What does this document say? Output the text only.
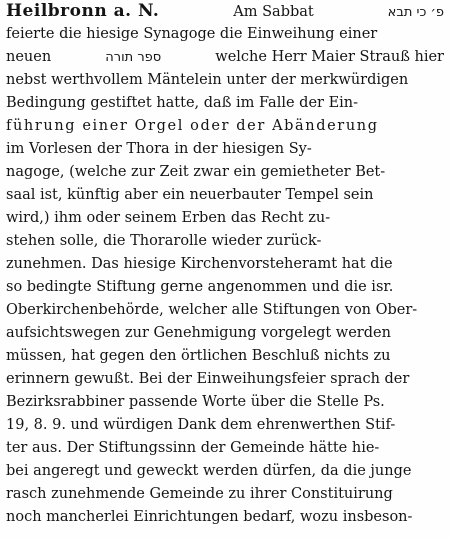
Heilbronn a. N.	Am Sabbat	פ׳ כי תבא
feierte die hiesige Synagoge die Einweihung einer
neuen	ספר תורה	welche Herr Maier Strauß hier
nebst werthvollem Mäntelein unter der merkwürdigen
Bedingung gestiftet hatte, daß im Falle der Ein-
führung einer Orgel oder der Abänderung
im Vorlesen der Thora in der hiesigen Sy-
nagoge, (welche zur Zeit zwar ein gemietheter Bet-
saal ist, künftig aber ein neuerbauter Tempel sein
wird,) ihm oder seinem Erben das Recht zu-
stehen solle, die Thorarolle wieder zurück-
zunehmen. Das hiesige Kirchenvorsteheramt hat die
so bedingte Stiftung gerne angenommen und die isr.
Oberkirchenbehörde, welcher alle Stiftungen von Ober-
aufsichtswegen zur Genehmigung vorgelegt werden
müssen, hat gegen den örtlichen Beschluß nichts zu
erinnern gewußt. Bei der Einweihungsfeier sprach der
Bezirksrabbiner passende Worte über die Stelle Ps.
19, 8. 9. und würdigen Dank dem ehrenwerthen Stif-
ter aus. Der Stiftungssinn der Gemeinde hätte hie-
bei angeregt und geweckt werden dürfen, da die junge
rasch zunehmende Gemeinde zu ihrer Constituirung
noch mancherlei Einrichtungen bedarf, wozu insbeson-
